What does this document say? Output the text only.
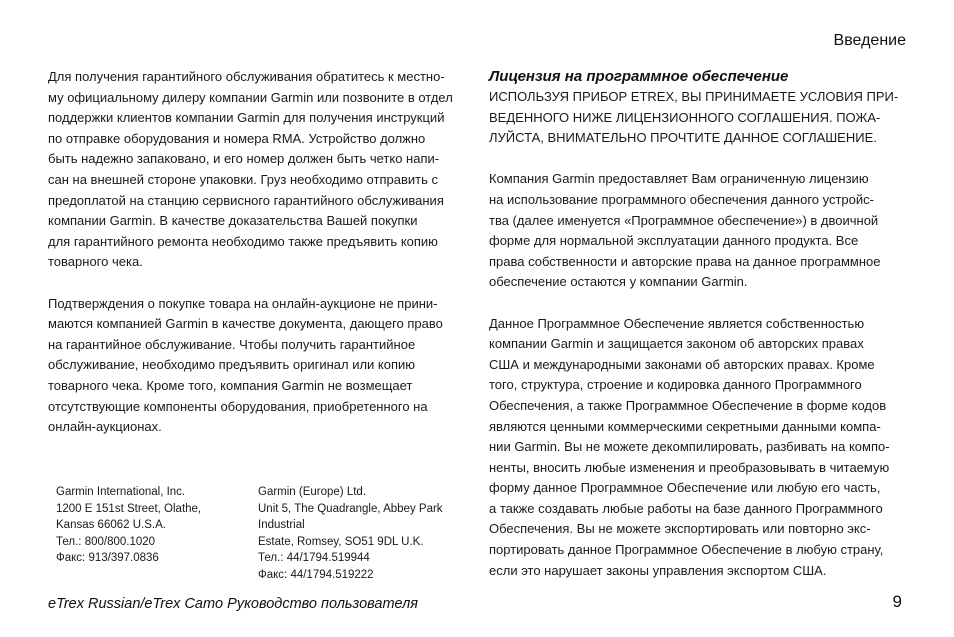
Введение
Для получения гарантийного обслуживания обратитесь к местно-
му официальному дилеру компании Garmin или позвоните в отдел
поддержки клиентов компании Garmin для получения инструкций
по отправке оборудования и номера RMA. Устройство должно
быть надежно запаковано, и его номер должен быть четко напи-
сан на внешней стороне упаковки. Груз необходимо отправить с
предоплатой на станцию сервисного гарантийного обслуживания
компании Garmin. В качестве доказательства Вашей покупки
для гарантийного ремонта необходимо также предъявить копию
товарного чека.
Подтверждения о покупке товара на онлайн-аукционе не прини-
маются компанией Garmin в качестве документа, дающего право
на гарантийное обслуживание. Чтобы получить гарантийное
обслуживание, необходимо предъявить оригинал или копию
товарного чека. Кроме того, компания Garmin не возмещает
отсутствующие компоненты оборудования, приобретенного на
онлайн-аукционах.
Garmin International, Inc.
1200 E 151st Street, Olathe,
Kansas 66062 U.S.A.
Тел.: 800/800.1020
Факс: 913/397.0836
Garmin (Europe) Ltd.
Unit 5, The Quadrangle, Abbey Park
Industrial
Estate, Romsey, SO51 9DL U.K.
Тел.: 44/1794.519944
Факс: 44/1794.519222
Лицензия на программное обеспечение
ИСПОЛЬЗУЯ ПРИБОР ETREX, ВЫ ПРИНИМАЕТЕ УСЛОВИЯ ПРИ-
ВЕДЕННОГО НИЖЕ ЛИЦЕНЗИОННОГО СОГЛАШЕНИЯ. ПОЖА-
ЛУЙСТА, ВНИМАТЕЛЬНО ПРОЧТИТЕ ДАННОЕ СОГЛАШЕНИЕ.
Компания Garmin предоставляет Вам ограниченную лицензию
на использование программного обеспечения данного устройс-
тва (далее именуется «Программное обеспечение») в двоичной
форме для нормальной эксплуатации данного продукта. Все
права собственности и авторские права на данное программное
обеспечение остаются у компании Garmin.
Данное Программное Обеспечение является собственностью
компании Garmin и защищается законом об авторских правах
США и международными законами об авторских правах. Кроме
того, структура, строение и кодировка данного Программного
Обеспечения, а также Программное Обеспечение в форме кодов
являются ценными коммерческими секретными данными компа-
нии Garmin. Вы не можете декомпилировать, разбивать на компо-
ненты, вносить любые изменения и преобразовывать в читаемую
форму данное Программное Обеспечение или любую его часть,
а также создавать любые работы на базе данного Программного
Обеспечения. Вы не можете экспортировать или повторно экс-
портировать данное Программное Обеспечение в любую страну,
если это нарушает законы управления экспортом США.
eTrex Russian/eTrex Camo Руководство пользователя	9
